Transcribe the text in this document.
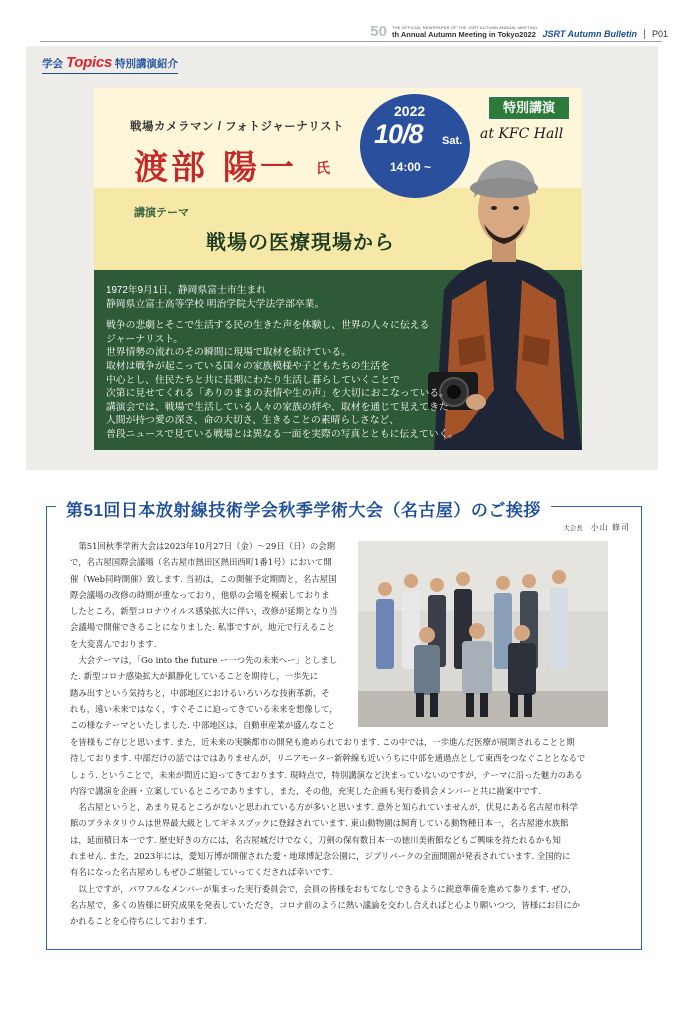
50 THE OFFICIAL NEWSPAPER OF THE JSRT AUTUMN ANNUAL MEETING
th Annual Autumn Meeting in Tokyo2022 JSRT Autumn Bulletin P01
学会 Topics 特別講演紹介
戦場カメラマン / フォトジャーナリスト
渡部 陽一 氏
講演テーマ
戦場の医療現場から
2022
10/8 Sat.
14:00 ~
特別講演
at KFC Hall
1972年9月1日、静岡県富士市生まれ
静岡県立富士高等学校 明治学院大学法学部卒業。
戦争の悲劇とそこで生活する民の生きた声を体験し、世界の人々に伝える
ジャーナリスト。
世界情勢の流れのその瞬間に現場で取材を続けている。
取材は戦争が起こっている国々の家族模様や子どもたちの生活を
中心とし、住民たちと共に長期にわたり生活し暮らしていくことで
次第に見せてくれる「ありのままの表情や生の声」を大切におこなっている。
講演会では、戦場で生活している人々の家族の絆や、取材を通じて見えてきた
人間が持つ愛の深さ、命の大切さ、生きることの素晴らしさなど、
普段ニュースで見ている戦場とは異なる一面を実際の写真とともに伝えていく。
第51回日本放射線技術学会秋季学術大会（名古屋）のご挨拶
大会長 小山 修司
　第51回秋季学術大会は2023年10月27日（金）～29日（日）の会期
で，名古屋国際会議場（名古屋市熱田区熱田西町1番1号）において開
催（Web同時開催）致します. 当初は，この開催予定期間と，名古屋国
際会議場の改修の時期が重なっており，他県の会場を模索しておりま
したところ，新型コロナウイルス感染拡大に伴い，改修が延期となり当
会議場で開催できることになりました. 私事ですが，地元で行えること
を大変喜んでおります.
　大会テーマは，「Go into the future ー一つ先の未来へー」としまし
た. 新型コロナ感染拡大が鎮静化していることを期待し，一歩先に
踏み出すという気持ちと，中部地区におけるいろいろな技術革新，そ
れも，遠い未来ではなく，すぐそこに迫ってきている未来を想像して，
この様なテーマといたしました. 中部地区は，自動車産業が盛んなこと
を皆様もご存じと思います. また，近未来の実験都市の開発も進められております. この中では，一歩進んだ医療が展開されることと期
待しております. 中部だけの話ではではありませんが，リニアモーター新幹線も近いうちに中部を通過点として東西をつなぐこととなるで
しょう. ということで，未来が間近に迫ってきております. 現時点で，特別講演など決まっていないのですが，テーマに沿った魅力のある
内容で講演を企画・立案しているところでありますし，また，その他，充実した企画も実行委員会メンバーと共に勘案中です.
　名古屋というと，あまり見るところがないと思われている方が多いと思います. 意外と知られていませんが，伏見にある名古屋市科学
館のプラネタリウムは世界最大級としてギネスブックに登録されています. 東山動物園は飼育している動物種日本一，名古屋港水族館
は，延面積日本一です. 歴史好きの方には，名古屋城だけでなく，刀剣の保有数日本一の徳川美術館などもご興味を持たれるかも知
れません. また，2023年には，愛知万博が開催された愛・地球博記念公園に，ジブリパークの全面開園が発表されています. 全国的に
有名になった名古屋めしもぜひご堪能していってくだされば幸いです.
　以上ですが，パワフルなメンバーが集まった実行委員会で，会員の皆様をおもてなしできるように鋭意準備を進めて参ります. ぜひ，
名古屋で，多くの皆様に研究成果を発表していただき，コロナ前のように熱い議論を交わし合えればと心より願いつつ，皆様にお目にか
かれることを心待ちにしております.
